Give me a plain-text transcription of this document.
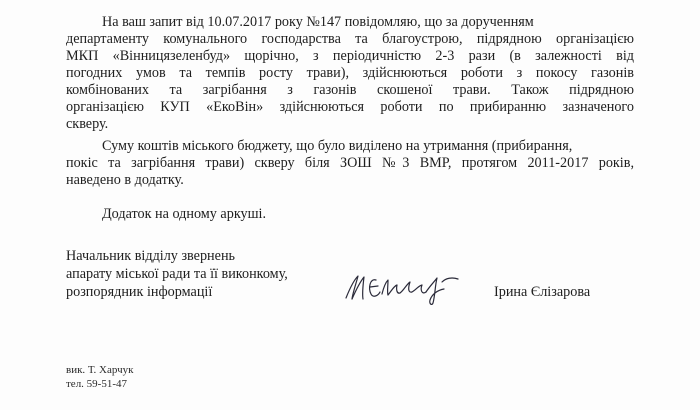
На ваш запит від 10.07.2017 року №147 повідомляю, що за дорученням
департаменту комунального господарства та благоустрою, підрядною організацією
МКП «Вінницязеленбуд» щорічно, з періодичністю 2-3 рази (в залежності від
погодних умов та темпів росту трави), здійснюються роботи з покосу газонів
комбінованих та загрібання з газонів скошеної трави. Також підрядною
організацією КУП «ЕкоВін» здійснюються роботи по прибиранню зазначеного
скверу.
Суму коштів міського бюджету, що було виділено на утримання (прибирання,
покіс та загрібання трави) скверу біля ЗОШ №3 ВМР, протягом 2011-2017 років,
наведено в додатку.
Додаток на одному аркуші.
Начальник відділу звернень
апарату міської ради та її виконкому,
розпорядник інформації	Ірина Єлізарова
вик. Т. Харчук
тел. 59-51-47
